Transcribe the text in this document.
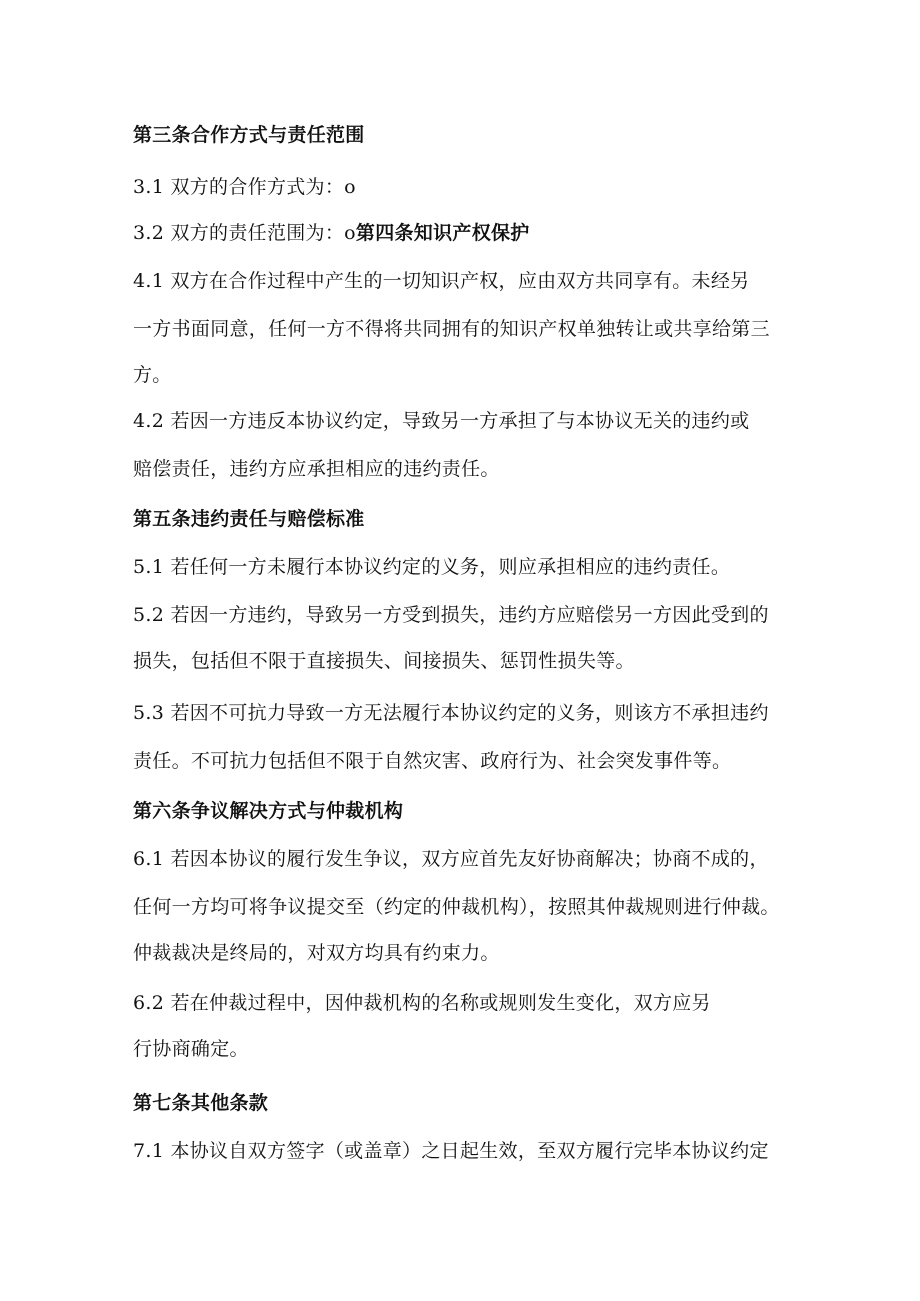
第三条合作方式与责任范围
3.1 双方的合作方式为：o
3.2 双方的责任范围为：o第四条知识产权保护
4.1 双方在合作过程中产生的一切知识产权，应由双方共同享有。未经另
一方书面同意，任何一方不得将共同拥有的知识产权单独转让或共享给第三
方。
4.2 若因一方违反本协议约定，导致另一方承担了与本协议无关的违约或
赔偿责任，违约方应承担相应的违约责任。
第五条违约责任与赔偿标准
5.1 若任何一方未履行本协议约定的义务，则应承担相应的违约责任。
5.2 若因一方违约，导致另一方受到损失，违约方应赔偿另一方因此受到的
损失，包括但不限于直接损失、间接损失、惩罚性损失等。
5.3 若因不可抗力导致一方无法履行本协议约定的义务，则该方不承担违约
责任。不可抗力包括但不限于自然灾害、政府行为、社会突发事件等。
第六条争议解决方式与仲裁机构
6.1 若因本协议的履行发生争议，双方应首先友好协商解决；协商不成的，
任何一方均可将争议提交至（约定的仲裁机构），按照其仲裁规则进行仲裁。
仲裁裁决是终局的，对双方均具有约束力。
6.2 若在仲裁过程中，因仲裁机构的名称或规则发生变化，双方应另
行协商确定。
第七条其他条款
7.1 本协议自双方签字（或盖章）之日起生效，至双方履行完毕本协议约定
